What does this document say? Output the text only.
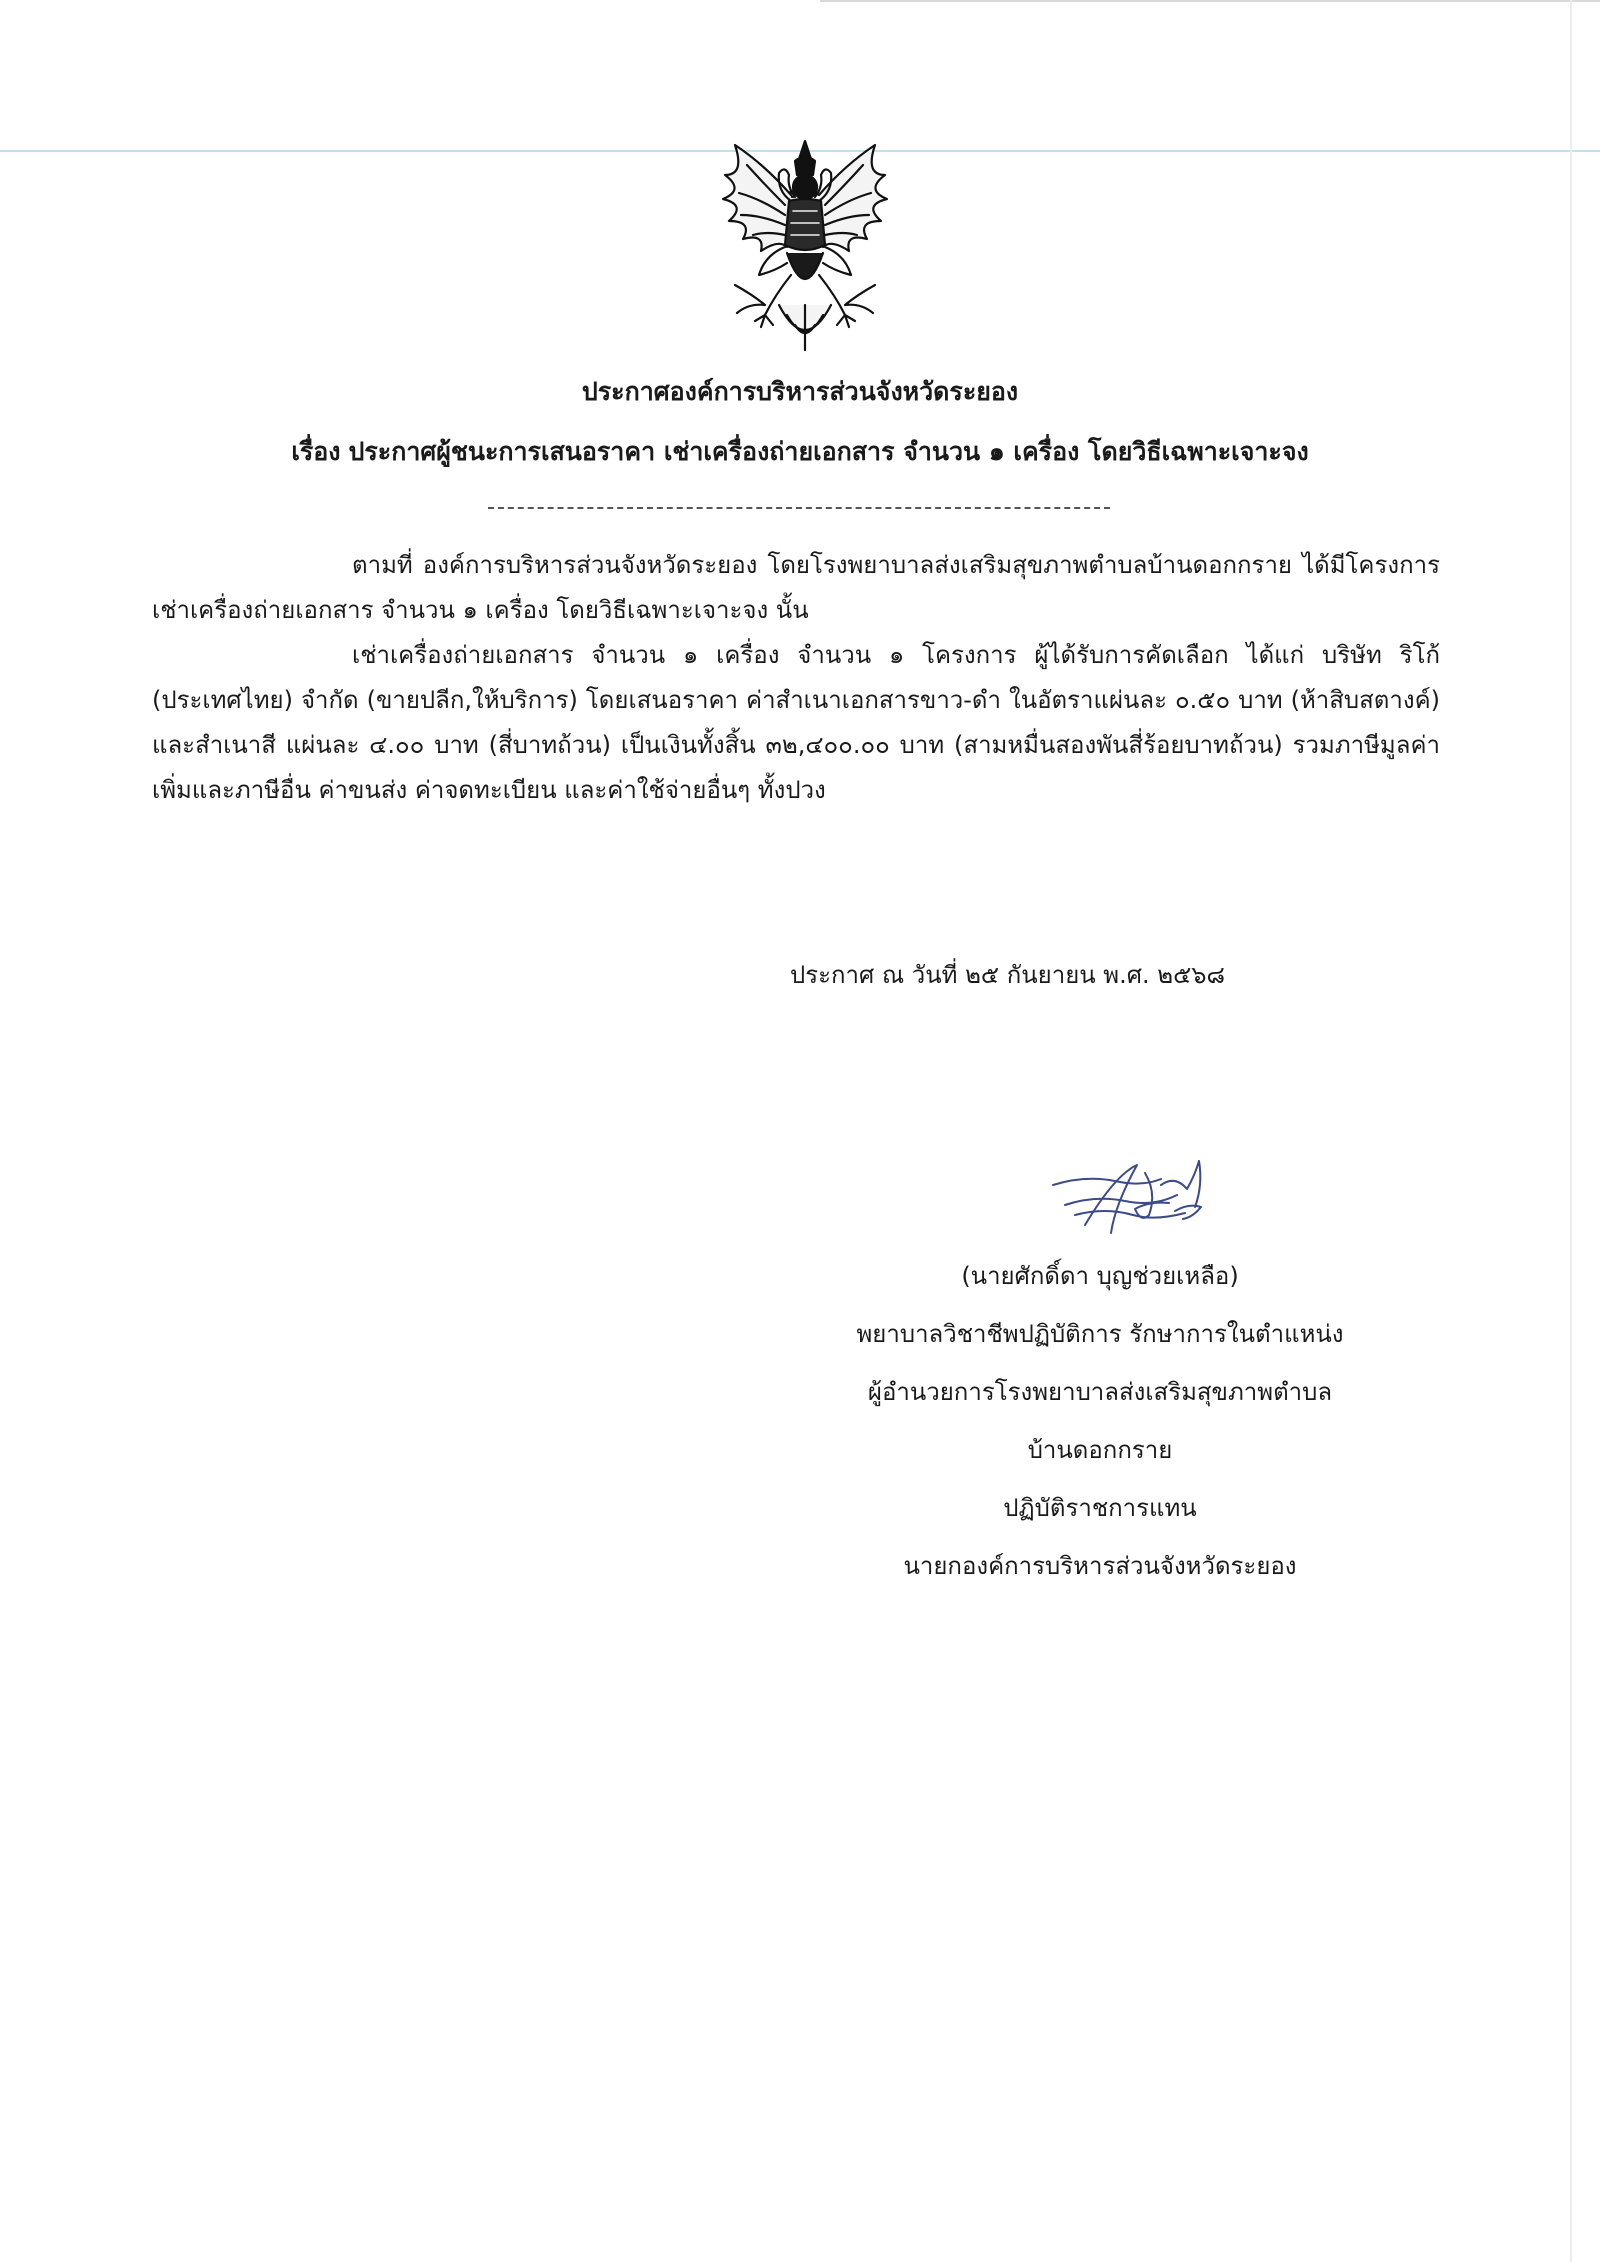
ประกาศองค์การบริหารส่วนจังหวัดระยอง
เรื่อง ประกาศผู้ชนะการเสนอราคา เช่าเครื่องถ่ายเอกสาร จำนวน ๑ เครื่อง โดยวิธีเฉพาะเจาะจง

ตามที่ องค์การบริหารส่วนจังหวัดระยอง โดยโรงพยาบาลส่งเสริมสุขภาพตำบลบ้านดอกกราย ได้มีโครงการ เช่าเครื่องถ่ายเอกสาร จำนวน ๑ เครื่อง โดยวิธีเฉพาะเจาะจง นั้น

เช่าเครื่องถ่ายเอกสาร จำนวน ๑ เครื่อง จำนวน ๑ โครงการ ผู้ได้รับการคัดเลือก ได้แก่ บริษัท ริโก้ (ประเทศไทย) จำกัด (ขายปลีก,ให้บริการ) โดยเสนอราคา ค่าสำเนาเอกสารขาว-ดำ ในอัตราแผ่นละ ๐.๕๐ บาท (ห้าสิบสตางค์) และสำเนาสี แผ่นละ ๔.๐๐ บาท (สี่บาทถ้วน) เป็นเงินทั้งสิ้น ๓๒,๔๐๐.๐๐ บาท (สามหมื่นสองพันสี่ร้อยบาทถ้วน) รวมภาษีมูลค่าเพิ่มและภาษีอื่น ค่าขนส่ง ค่าจดทะเบียน และค่าใช้จ่ายอื่นๆ ทั้งปวง

ประกาศ ณ วันที่ ๒๕ กันยายน พ.ศ. ๒๕๖๘
(นายศักดิ์ดา บุญช่วยเหลือ)
พยาบาลวิชาชีพปฏิบัติการ รักษาการในตำแหน่ง
ผู้อำนวยการโรงพยาบาลส่งเสริมสุขภาพตำบล
บ้านดอกกราย
ปฏิบัติราชการแทน
นายกองค์การบริหารส่วนจังหวัดระยอง
